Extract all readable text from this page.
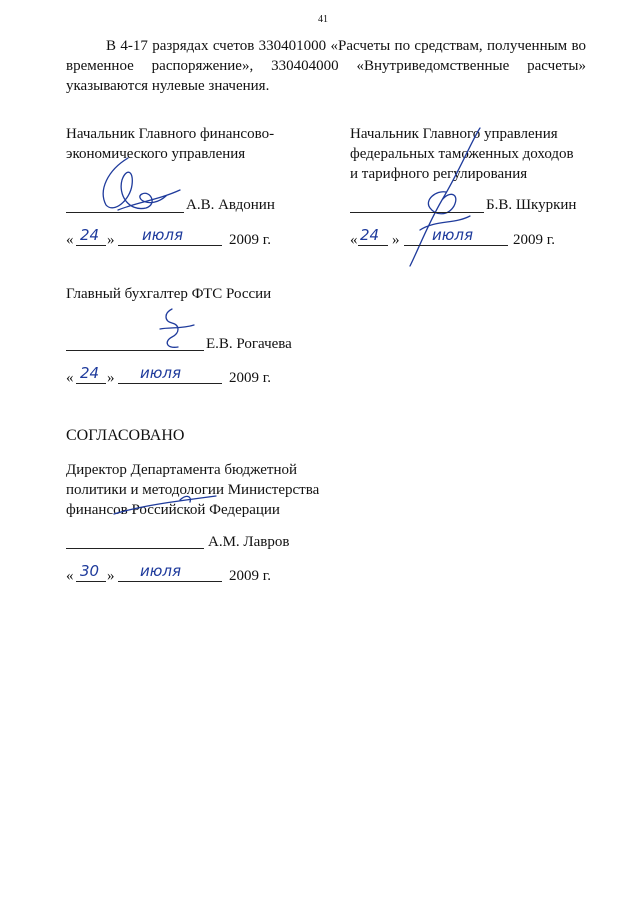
41
В 4-17 разрядах счетов 330401000 «Расчеты по средствам, полученным во
временное распоряжение», 330404000 «Внутриведомственные расчеты»
указываются нулевые значения.
Начальник Главного финансово-
экономического управления
А.В. Авдонин
« 24 » июля	2009 г.
Начальник Главного управления
федеральных таможенных доходов
и тарифного регулирования
Б.В. Шкуркин
« 24 » июля	2009 г.
Главный бухгалтер ФТС России
Е.В. Рогачева
« 24 » июля	2009 г.
СОГЛАСОВАНО
Директор Департамента бюджетной
политики и методологии Министерства
финансов Российской Федерации
А.М. Лавров
« 30 » июля	2009 г.
